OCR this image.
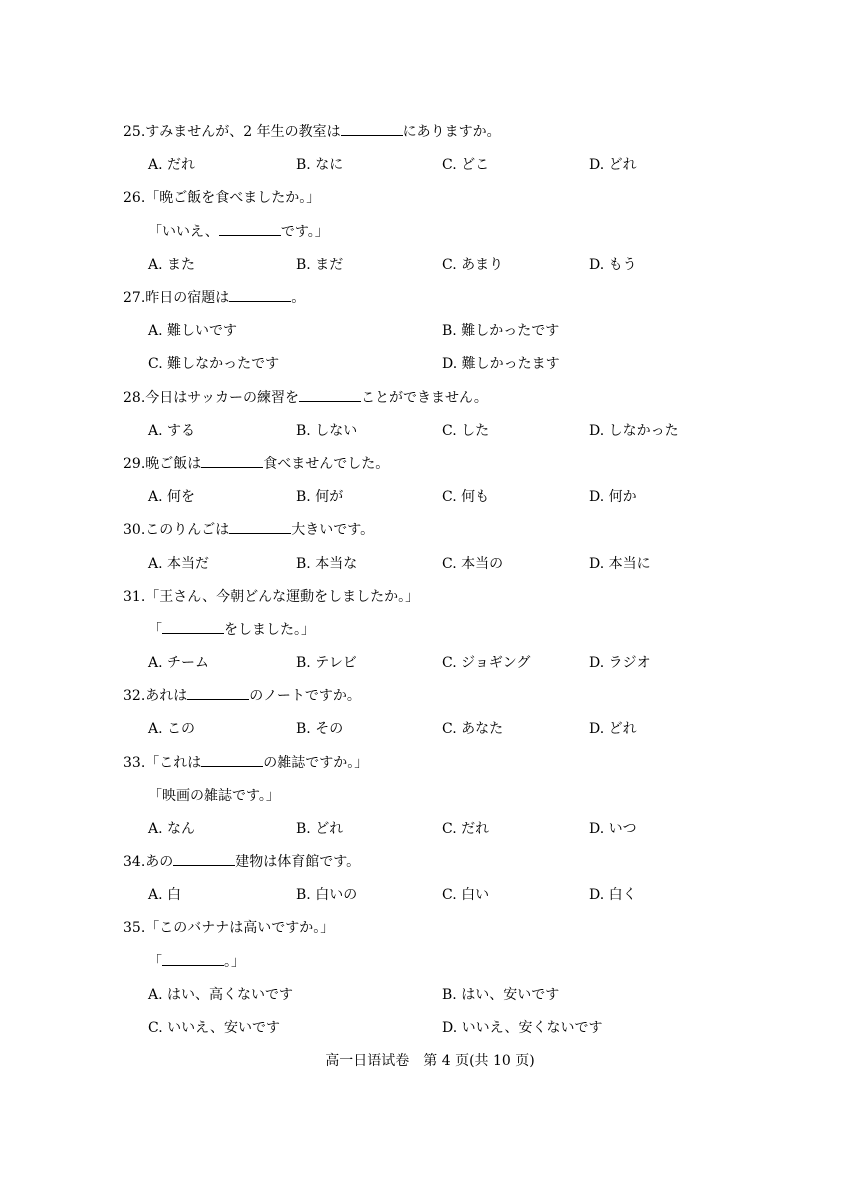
25.すみませんが、2 年生の教室は	にありますか。
A. だれ	B. なに	C. どこ	D. どれ
26.「晩ご飯を食べましたか。」
「いいえ、	です。」
A. また	B. まだ	C. あまり	D. もう
27.昨日の宿題は	。
A. 難しいです	B. 難しかったです
C. 難しなかったです	D. 難しかったます
28.今日はサッカーの練習を	ことができません。
A. する	B. しない	C. した	D. しなかった
29.晩ご飯は	食べませんでした。
A. 何を	B. 何が	C. 何も	D. 何か
30.このりんごは	大きいです。
A. 本当だ	B. 本当な	C. 本当の	D. 本当に
31.「王さん、今朝どんな運動をしましたか。」
「	をしました。」
A. チーム	B. テレビ	C. ジョギング	D. ラジオ
32.あれは	のノートですか。
A. この	B. その	C. あなた	D. どれ
33.「これは	の雑誌ですか。」
「映画の雑誌です。」
A. なん	B. どれ	C. だれ	D. いつ
34.あの	建物は体育館です。
A. 白	B. 白いの	C. 白い	D. 白く
35.「このバナナは高いですか。」
「	。」
A. はい、高くないです	B. はい、安いです
C. いいえ、安いです	D. いいえ、安くないです
高一日语试卷　第 4 页(共 10 页)
